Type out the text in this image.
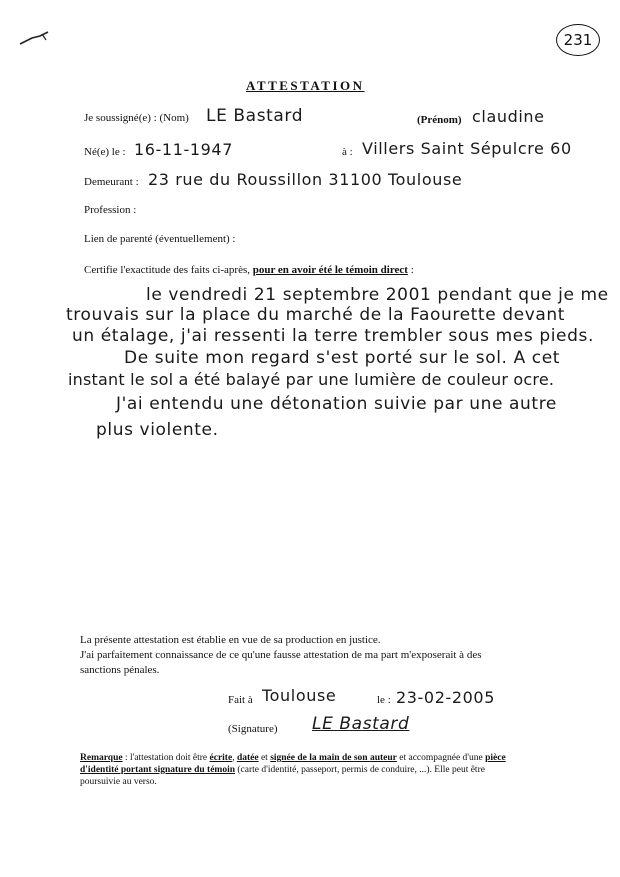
231
ATTESTATION
Je soussigné(e) : (Nom) LE Bastard	(Prénom) claudine
Né(e) le : 16-11-1947	à : Villers Saint Sépulcre 60
Demeurant : 23 rue du Roussillon 31100 Toulouse
Profession :
Lien de parenté (éventuellement) :
Certifie l'exactitude des faits ci-après, pour en avoir été le témoin direct :
le vendredi 21 septembre 2001 pendant que je me
trouvais sur la place du marché de la Faourette devant
un étalage, j'ai ressenti la terre trembler sous mes pieds.
De suite mon regard s'est porté sur le sol. A cet
instant le sol a été balayé par une lumière de couleur ocre.
J'ai entendu une détonation suivie par une autre
plus violente.
La présente attestation est établie en vue de sa production en justice.
J'ai parfaitement connaissance de ce qu'une fausse attestation de ma part m'exposerait à des
sanctions pénales.
Fait à Toulouse	le : 23-02-2005
(Signature) LE Bastard
Remarque : l'attestation doit être écrite, datée et signée de la main de son auteur et accompagnée d'une pièce
d'identité portant signature du témoin (carte d'identité, passeport, permis de conduire, ...). Elle peut être
poursuivie au verso.
